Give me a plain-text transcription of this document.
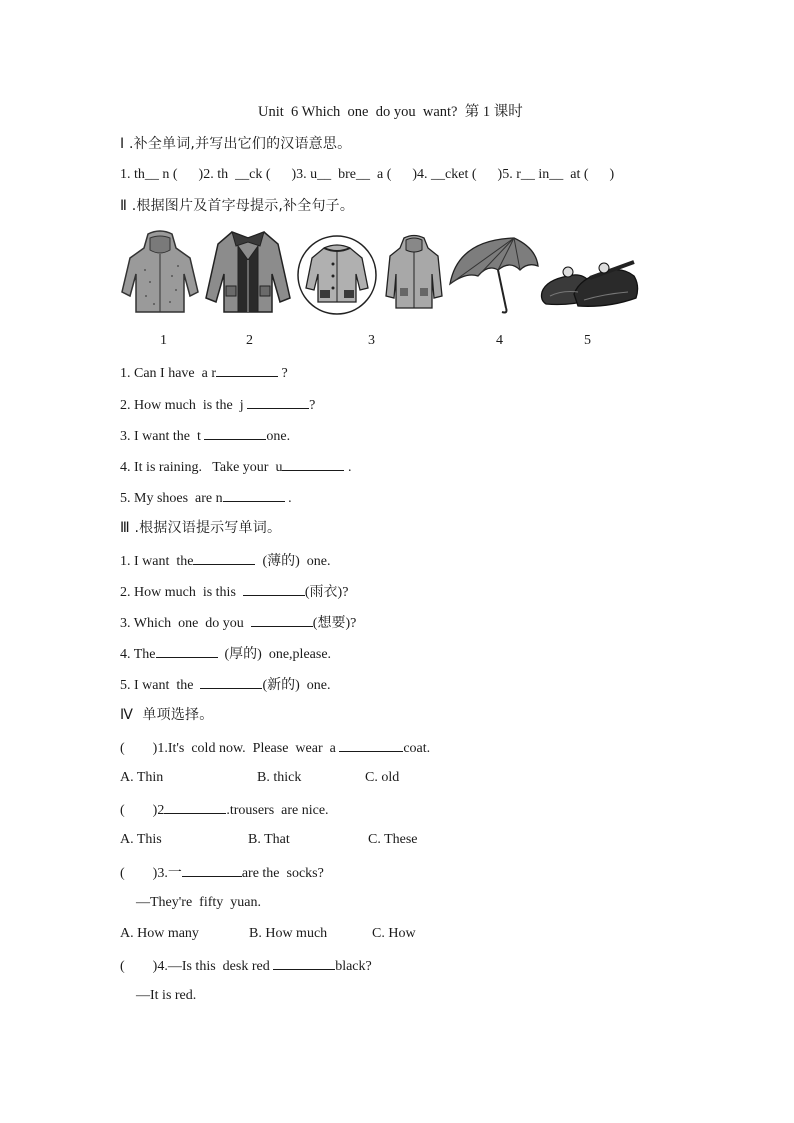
Unit  6 Which  one  do you  want?  第 1 课时
Ⅰ .补全单词,并写出它们的汉语意思。
1. th__ n (      )2. th  __ck (      )3. u__  bre__  a (      )4. __cket (      )5. r__ in__  at (      )
Ⅱ .根据图片及首字母提示,补全句子。
1	2	3	4	5
1. Can I have  a r	?
2. How much  is the  j	?
3. I want the  t	one.
4. It is raining.   Take your  u	.
5. My shoes  are n	.
Ⅲ .根据汉语提示写单词。
1. I want  the	(薄的)  one.
2. How much  is this	(雨衣)?
3. Which  one  do you	(想要)?
4. The	(厚的)  one,please.
5. I want  the	(新的)  one.
Ⅳ  单项选择。
(        )1.It's  cold now.  Please  wear  a	coat.
A. Thin	B. thick	C. old
(        )2	.trousers  are nice.
A. This	B. That	C. These
(        )3.一	are the  socks?
—They're  fifty  yuan.
A. How many	B. How much	C. How
(        )4.—Is this  desk red	black?
—It is red.
